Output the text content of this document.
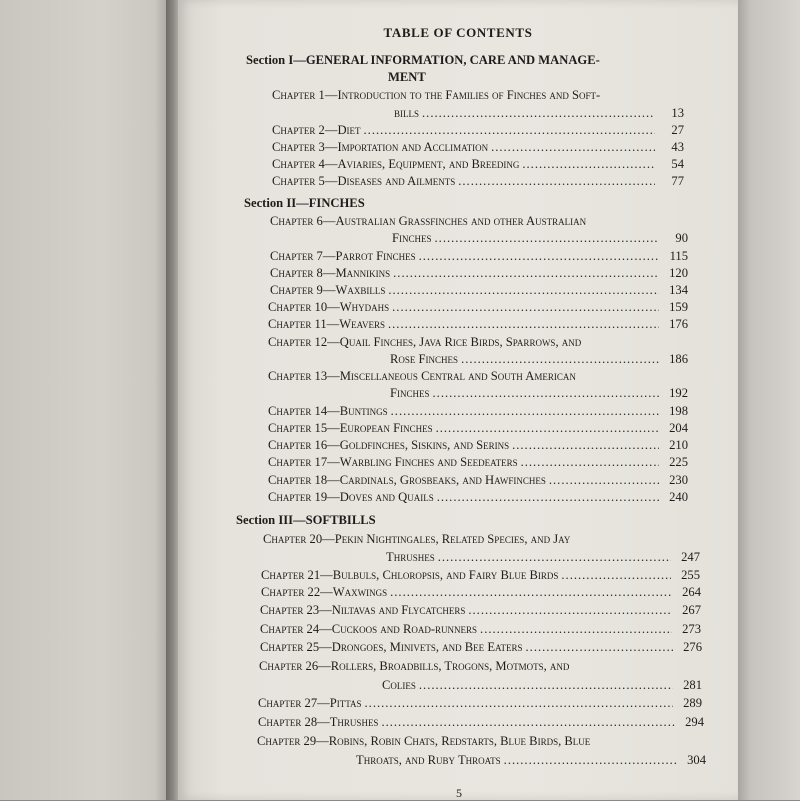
TABLE OF CONTENTS
Section I—GENERAL INFORMATION, CARE AND MANAGE-
MENT
Chapter 1—Introduction to the Families of Finches and Soft-
bills .....	13
Chapter 2—Diet .....	27
Chapter 3—Importation and Acclimation .....	43
Chapter 4—Aviaries, Equipment, and Breeding .....	54
Chapter 5—Diseases and Ailments .....	77
Section II—FINCHES
Chapter 6—Australian Grassfinches and other Australian
Finches .....	90
Chapter 7—Parrot Finches .....	115
Chapter 8—Mannikins .....	120
Chapter 9—Waxbills .....	134
Chapter 10—Whydahs .....	159
Chapter 11—Weavers .....	176
Chapter 12—Quail Finches, Java Rice Birds, Sparrows, and
Rose Finches .....	186
Chapter 13—Miscellaneous Central and South American
Finches .....	192
Chapter 14—Buntings .....	198
Chapter 15—European Finches .....	204
Chapter 16—Goldfinches, Siskins, and Serins .....	210
Chapter 17—Warbling Finches and Seedeaters .....	225
Chapter 18—Cardinals, Grosbeaks, and Hawfinches .....	230
Chapter 19—Doves and Quails .....	240
Section III—SOFTBILLS
Chapter 20—Pekin Nightingales, Related Species, and Jay
Thrushes .....	247
Chapter 21—Bulbuls, Chloropsis, and Fairy Blue Birds .....	255
Chapter 22—Waxwings .....	264
Chapter 23—Niltavas and Flycatchers .....	267
Chapter 24—Cuckoos and Road-runners .....	273
Chapter 25—Drongoes, Minivets, and Bee Eaters .....	276
Chapter 26—Rollers, Broadbills, Trogons, Motmots, and
Colies .....	281
Chapter 27—Pittas .....	289
Chapter 28—Thrushes .....	294
Chapter 29—Robins, Robin Chats, Redstarts, Blue Birds, Blue
Throats, and Ruby Throats .....	304
5
